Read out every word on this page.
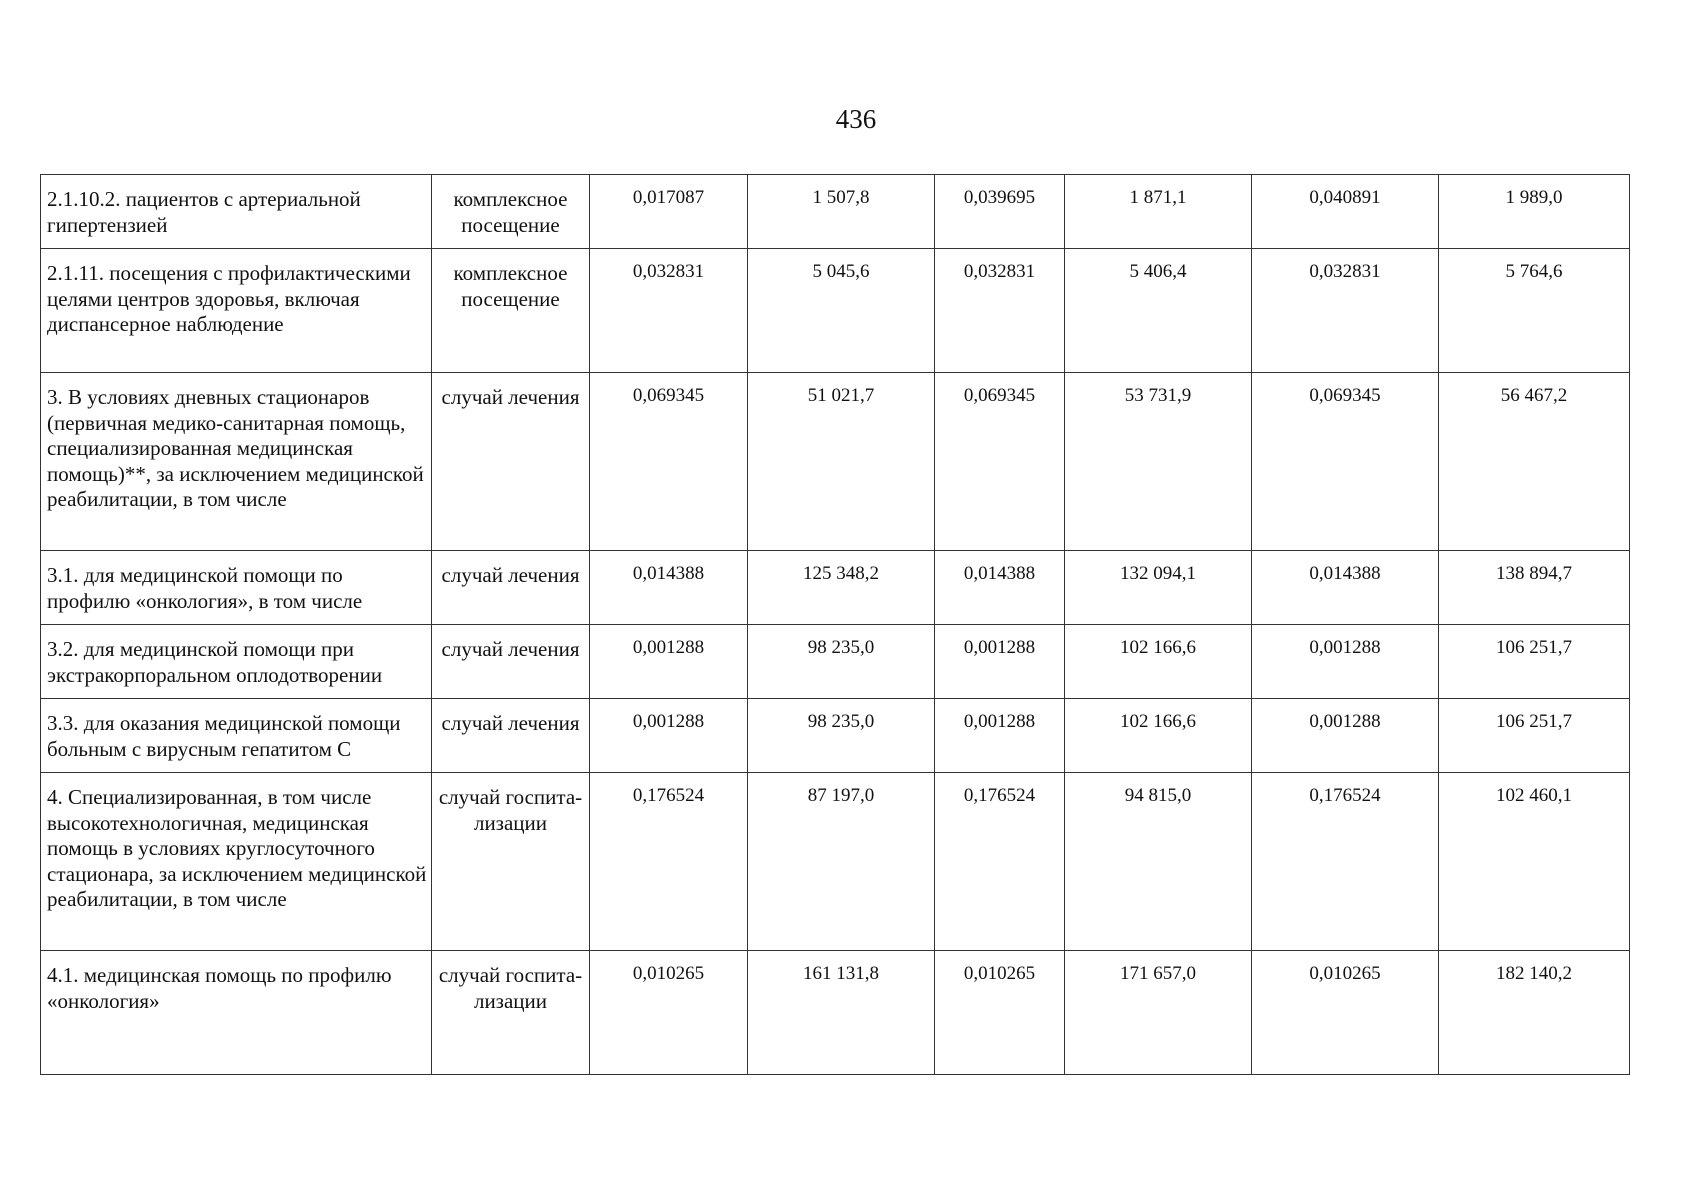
436
2.1.10.2. пациентов с артериальной гипертензией	комплексное посещение	0,017087	1 507,8	0,039695	1 871,1	0,040891	1 989,0
2.1.11. посещения с профилактическими целями центров здоровья, включая диспансерное наблюдение	комплексное посещение	0,032831	5 045,6	0,032831	5 406,4	0,032831	5 764,6
3. В условиях дневных стационаров (первичная медико-санитарная помощь, специализированная медицинская помощь)**, за исключением медицинской реабилитации, в том числе	случай лечения	0,069345	51 021,7	0,069345	53 731,9	0,069345	56 467,2
3.1. для медицинской помощи по профилю «онкология», в том числе	случай лечения	0,014388	125 348,2	0,014388	132 094,1	0,014388	138 894,7
3.2. для медицинской помощи при экстракорпоральном оплодотворении	случай лечения	0,001288	98 235,0	0,001288	102 166,6	0,001288	106 251,7
3.3. для оказания медицинской помощи больным с вирусным гепатитом С	случай лечения	0,001288	98 235,0	0,001288	102 166,6	0,001288	106 251,7
4. Специализированная, в том числе высокотехнологичная, медицинская помощь в условиях круглосуточного стационара, за исключением медицинской реабилитации, в том числе	случай госпита-лизации	0,176524	87 197,0	0,176524	94 815,0	0,176524	102 460,1
4.1. медицинская помощь по профилю «онкология»	случай госпита-лизации	0,010265	161 131,8	0,010265	171 657,0	0,010265	182 140,2
